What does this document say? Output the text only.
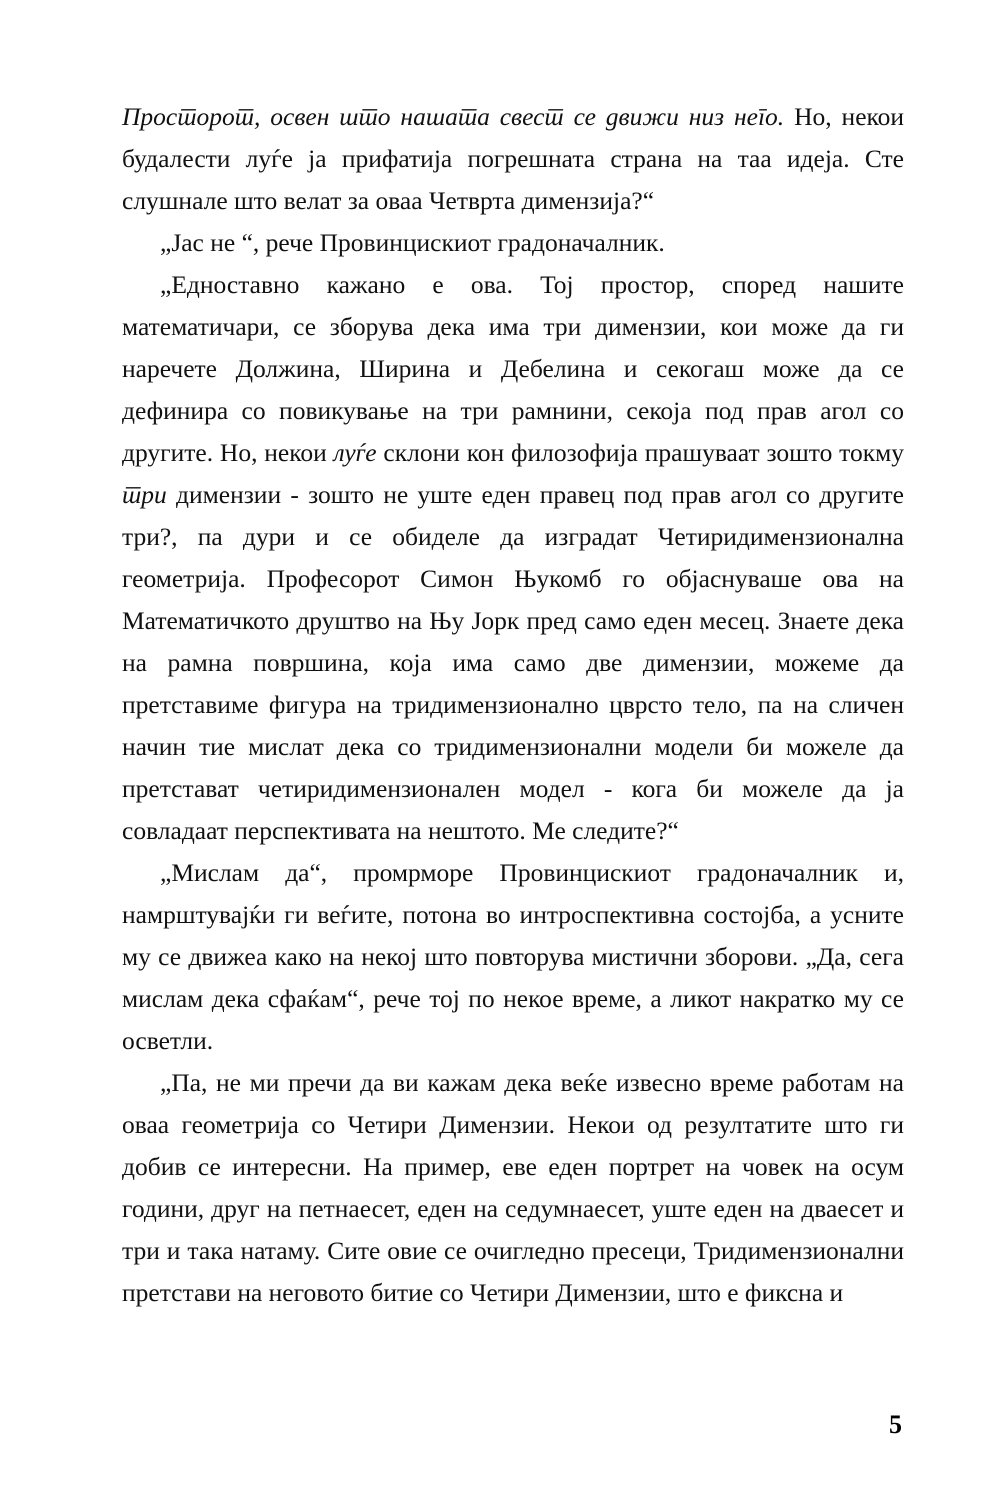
Просторот, освен што нашата свест се движи низ него. Но, некои будалести луѓе ја прифатија погрешната страна на таа идеја. Сте слушнале што велат за оваа Четврта димензија?“

„Јас не “, рече Провинцискиот градоначалник.

„Едноставно кажано е ова. Тој простор, според нашите математичари, се зборува дека има три димензии, кои може да ги наречете Должина, Ширина и Дебелина и секогаш може да се дефинира со повикување на три рамнини, секоја под прав агол со другите. Но, некои луѓе склони кон филозофија прашуваат зошто токму три димензии - зошто не уште еден правец под прав агол со другите три?, па дури и се обиделе да изградат Четиридимензионална геометрија. Професорот Симон Њукомб го објаснуваше ова на Математичкото друштво на Њу Јорк пред само еден месец. Знаете дека на рамна површина, која има само две димензии, можеме да претставиме фигура на тридимензионално цврсто тело, па на сличен начин тие мислат дека со тридимензионални модели би можеле да претстават четиридимензионален модел - кога би можеле да ја совладаат перспективата на нештото. Ме следите?“

„Мислам да“, промрморе Провинцискиот градоначалник и, намрштувајќи ги веѓите, потона во интроспективна состојба, а усните му се движеа како на некој што повторува мистични зборови. „Да, сега мислам дека сфаќам“, рече тој по некое време, а ликот накратко му се осветли.

„Па, не ми пречи да ви кажам дека веќе извесно време работам на оваа геометрија со Четири Димензии. Некои од резултатите што ги добив се интересни. На пример, еве еден портрет на човек на осум години, друг на петнаесет, еден на седумнаесет, уште еден на дваесет и три и така натаму. Сите овие се очигледно пресеци, Тридимензионални претстави на неговото битие со Четири Димензии, што е фиксна и

5
